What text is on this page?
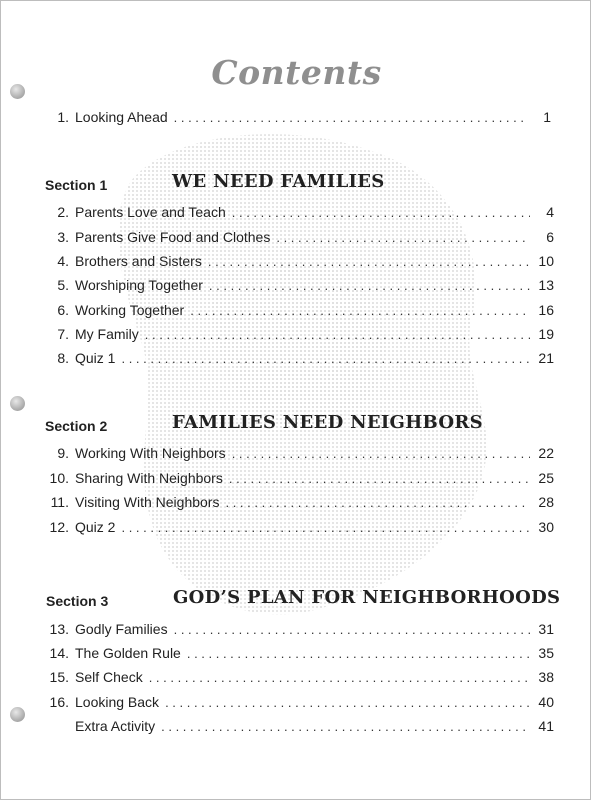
Contents
1. Looking Ahead . . .	1
Section 1	WE NEED FAMILIES
2. Parents Love and Teach . . .	4
3. Parents Give Food and Clothes . . .	6
4. Brothers and Sisters . . .	10
5. Worshiping Together . . .	13
6. Working Together . . .	16
7. My Family . . .	19
8. Quiz 1 . . .	21
Section 2	FAMILIES NEED NEIGHBORS
9. Working With Neighbors . . .	22
10. Sharing With Neighbors . . .	25
11. Visiting With Neighbors . . .	28
12. Quiz 2 . . .	30
Section 3	GOD’S PLAN FOR NEIGHBORHOODS
13. Godly Families . . .	31
14. The Golden Rule . . .	35
15. Self Check . . .	38
16. Looking Back . . .	40
Extra Activity . . .	41
